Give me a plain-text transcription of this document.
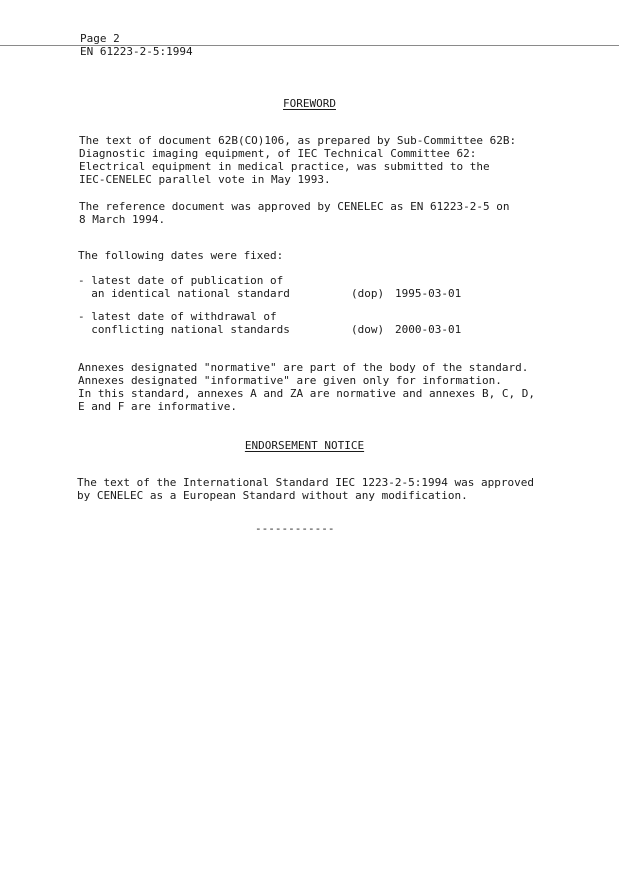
Page 2
EN 61223-2-5:1994
FOREWORD
The text of document 62B(CO)106, as prepared by Sub-Committee 62B:
Diagnostic imaging equipment, of IEC Technical Committee 62:
Electrical equipment in medical practice, was submitted to the
IEC-CENELEC parallel vote in May 1993.
The reference document was approved by CENELEC as EN 61223-2-5 on
8 March 1994.
The following dates were fixed:
- latest date of publication of
an identical national standard	(dop) 1995-03-01
- latest date of withdrawal of
conflicting national standards	(dow) 2000-03-01
Annexes designated "normative" are part of the body of the standard.
Annexes designated "informative" are given only for information.
In this standard, annexes A and ZA are normative and annexes B, C, D,
E and F are informative.
ENDORSEMENT NOTICE
The text of the International Standard IEC 1223-2-5:1994 was approved
by CENELEC as a European Standard without any modification.
------------
